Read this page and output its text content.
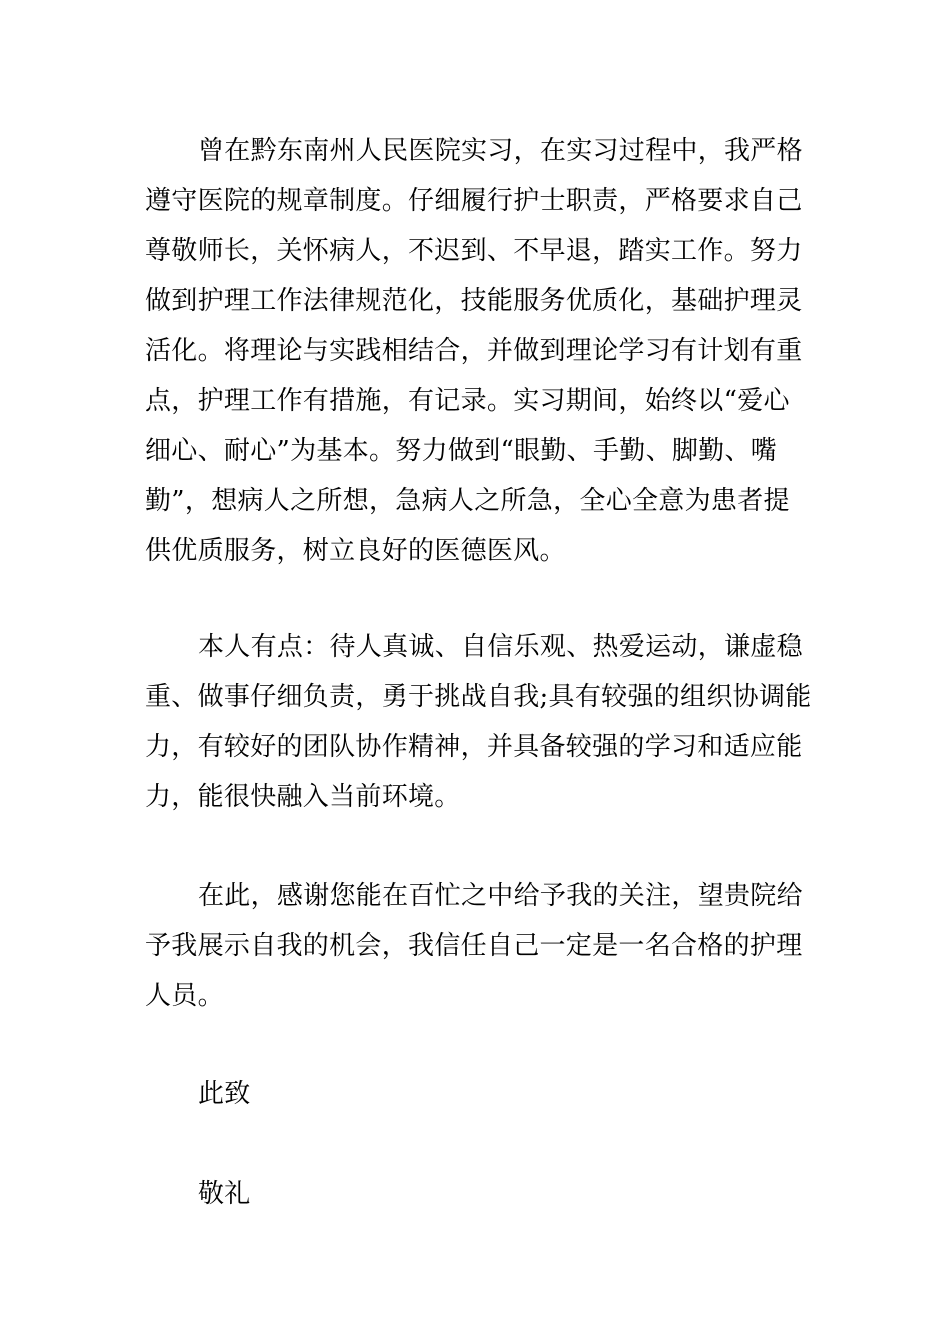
曾在黔东南州人民医院实习，在实习过程中，我严格
遵守医院的规章制度。仔细履行护士职责，严格要求自己
尊敬师长，关怀病人，不迟到、不早退，踏实工作。努力
做到护理工作法律规范化，技能服务优质化，基础护理灵
活化。将理论与实践相结合，并做到理论学习有计划有重
点，护理工作有措施，有记录。实习期间，始终以“爱心
细心、耐心”为基本。努力做到“眼勤、手勤、脚勤、嘴
勤”，想病人之所想，急病人之所急，全心全意为患者提
供优质服务，树立良好的医德医风。
本人有点：待人真诚、自信乐观、热爱运动，谦虚稳
重、做事仔细负责，勇于挑战自我;具有较强的组织协调能
力，有较好的团队协作精神，并具备较强的学习和适应能
力，能很快融入当前环境。
在此，感谢您能在百忙之中给予我的关注，望贵院给
予我展示自我的机会，我信任自己一定是一名合格的护理
人员。
此致
敬礼
